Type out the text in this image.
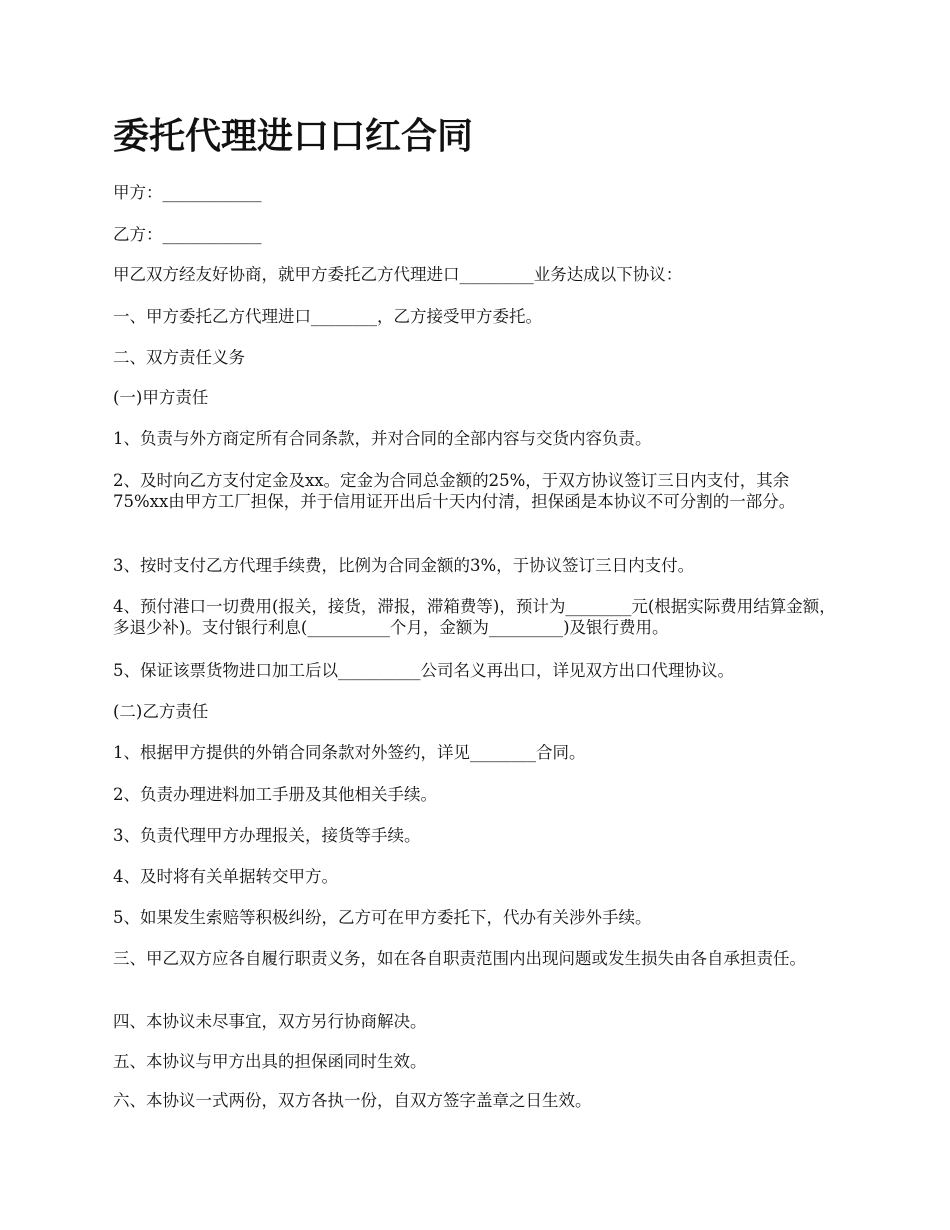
委托代理进口口红合同

甲方：____________

乙方：____________

甲乙双方经友好协商，就甲方委托乙方代理进口_________业务达成以下协议：

一、甲方委托乙方代理进口________，乙方接受甲方委托。

二、双方责任义务

(一)甲方责任

1、负责与外方商定所有合同条款，并对合同的全部内容与交货内容负责。

2、及时向乙方支付定金及xx。定金为合同总金额的25%，于双方协议签订三日内支付，其余75%xx由甲方工厂担保，并于信用证开出后十天内付清，担保函是本协议不可分割的一部分。

3、按时支付乙方代理手续费，比例为合同金额的3%，于协议签订三日内支付。

4、预付港口一切费用(报关，接货，滞报，滞箱费等)，预计为________元(根据实际费用结算金额，多退少补)。支付银行利息(__________个月，金额为_________)及银行费用。

5、保证该票货物进口加工后以__________公司名义再出口，详见双方出口代理协议。

(二)乙方责任

1、根据甲方提供的外销合同条款对外签约，详见________合同。

2、负责办理进料加工手册及其他相关手续。

3、负责代理甲方办理报关，接货等手续。

4、及时将有关单据转交甲方。

5、如果发生索赔等积极纠纷，乙方可在甲方委托下，代办有关涉外手续。

三、甲乙双方应各自履行职责义务，如在各自职责范围内出现问题或发生损失由各自承担责任。

四、本协议未尽事宜，双方另行协商解决。

五、本协议与甲方出具的担保函同时生效。

六、本协议一式两份，双方各执一份，自双方签字盖章之日生效。
